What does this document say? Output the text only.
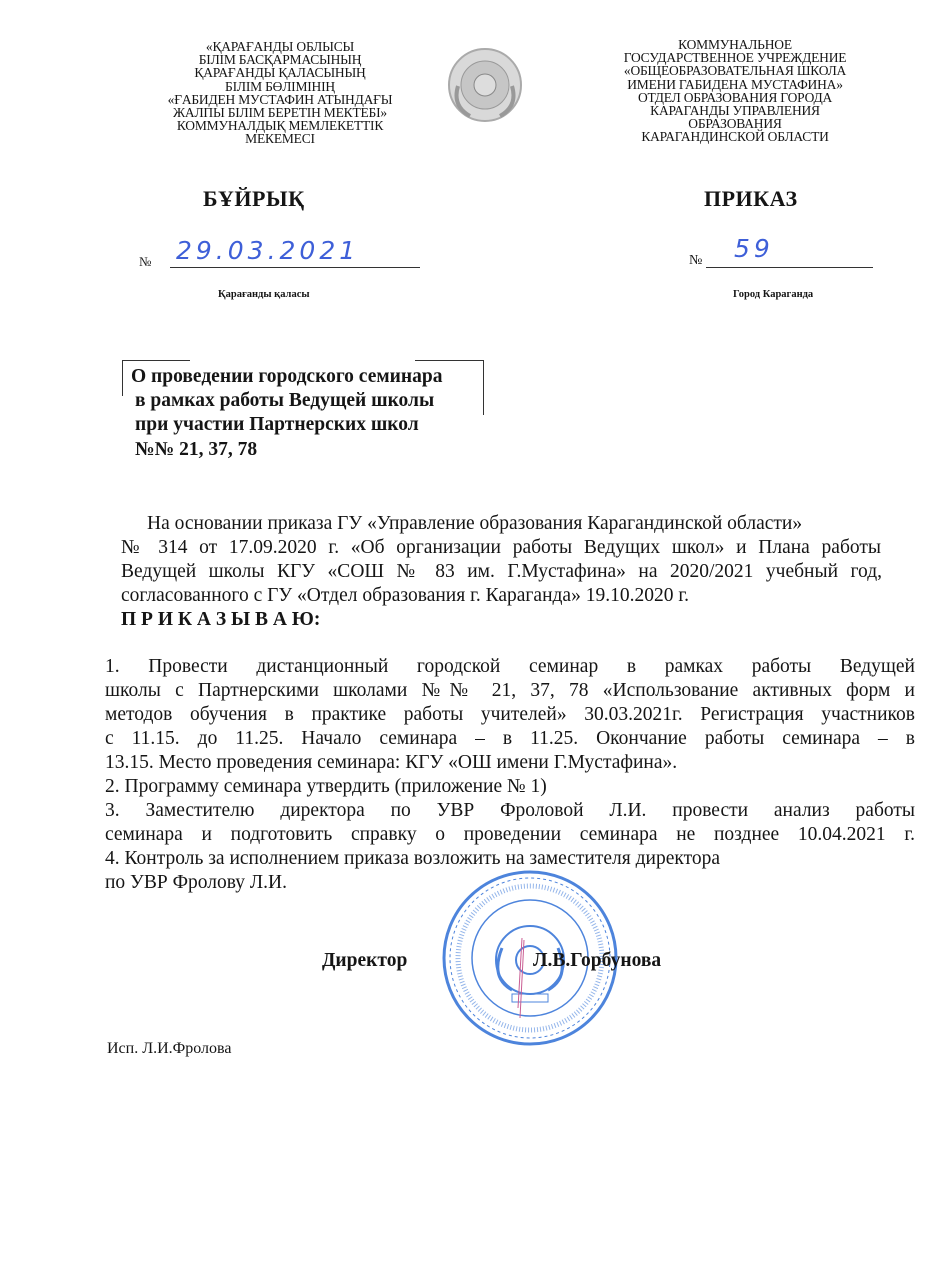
«ҚАРАҒАНДЫ ОБЛЫСЫ
БІЛІМ БАСҚАРМАСЫНЫҢ
ҚАРАҒАНДЫ ҚАЛАСЫНЫҢ
БІЛІМ БӨЛІМІНІҢ
«ҒАБИДЕН МУСТАФИН АТЫНДАҒЫ
ЖАЛПЫ БІЛІМ БЕРЕТІН МЕКТЕБІ»
КОММУНАЛДЫҚ МЕМЛЕКЕТТІК
МЕКЕМЕСІ
КОММУНАЛЬНОЕ
ГОСУДАРСТВЕННОЕ УЧРЕЖДЕНИЕ
«ОБЩЕОБРАЗОВАТЕЛЬНАЯ ШКОЛА
ИМЕНИ ГАБИДЕНА МУСТАФИНА»
ОТДЕЛ ОБРАЗОВАНИЯ ГОРОДА
КАРАГАНДЫ УПРАВЛЕНИЯ
ОБРАЗОВАНИЯ
КАРАГАНДИНСКОЙ ОБЛАСТИ
БҰЙРЫҚ	ПРИКАЗ
№ 29.03.2021	№ 59
Қарағанды қаласы	Город Караганда
О проведении городского семинара
в рамках работы Ведущей школы
при участии Партнерских школ
№№ 21, 37, 78
На основании приказа ГУ «Управление образования Карагандинской области»
№ 314 от 17.09.2020 г. «Об организации работы Ведущих школ» и Плана работы
Ведущей школы КГУ «СОШ № 83 им. Г.Мустафина» на 2020/2021 учебный год,
согласованного с ГУ «Отдел образования г. Караганда» 19.10.2020 г.
П Р И К А З Ы В А Ю:
1. Провести дистанционный городской семинар в рамках работы Ведущей
школы с Партнерскими школами №№ 21, 37, 78 «Использование активных форм и
методов обучения в практике работы учителей» 30.03.2021г. Регистрация участников
с 11.15. до 11.25. Начало семинара – в 11.25. Окончание работы семинара – в
13.15. Место проведения семинара: КГУ «ОШ имени Г.Мустафина».
2. Программу семинара утвердить (приложение № 1)
3. Заместителю директора по УВР Фроловой Л.И. провести анализ работы
семинара и подготовить справку о проведении семинара не позднее 10.04.2021 г.
4. Контроль за исполнением приказа возложить на заместителя директора
по УВР Фролову Л.И.
Директор	Л.В.Горбунова
Исп. Л.И.Фролова
